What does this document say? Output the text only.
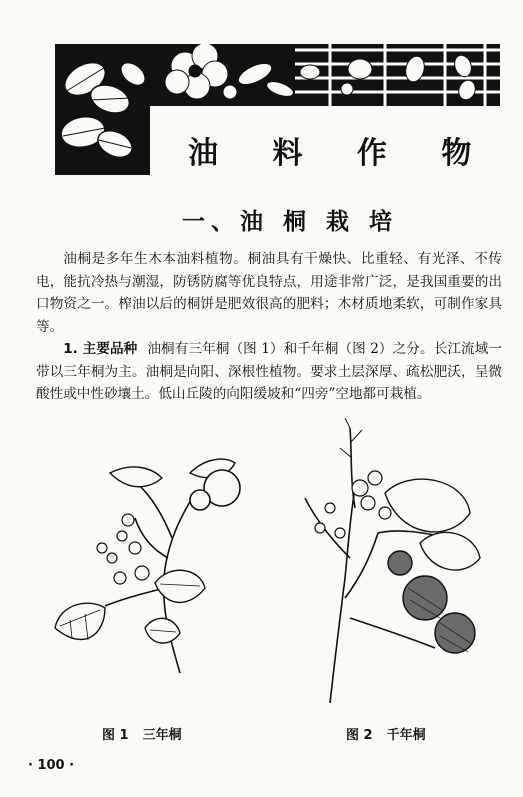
油 料 作 物
一、油 桐 栽 培

油桐是多年生木本油料植物。桐油具有干燥快、比重轻、有光泽、不传电，能抗冷热与潮湿，防锈防腐等优良特点，用途非常广泛，是我国重要的出口物资之一。榨油以后的桐饼是肥效很高的肥料；木材质地柔软，可制作家具等。

1. 主要品种 油桐有三年桐（图 1）和千年桐（图 2）之分。长江流域一带以三年桐为主。油桐是向阳、深根性植物。要求土层深厚、疏松肥沃，呈微酸性或中性砂壤土。低山丘陵的向阳缓坡和“四旁”空地都可栽植。

图 1 三年桐	图 2 千年桐
· 100 ·
